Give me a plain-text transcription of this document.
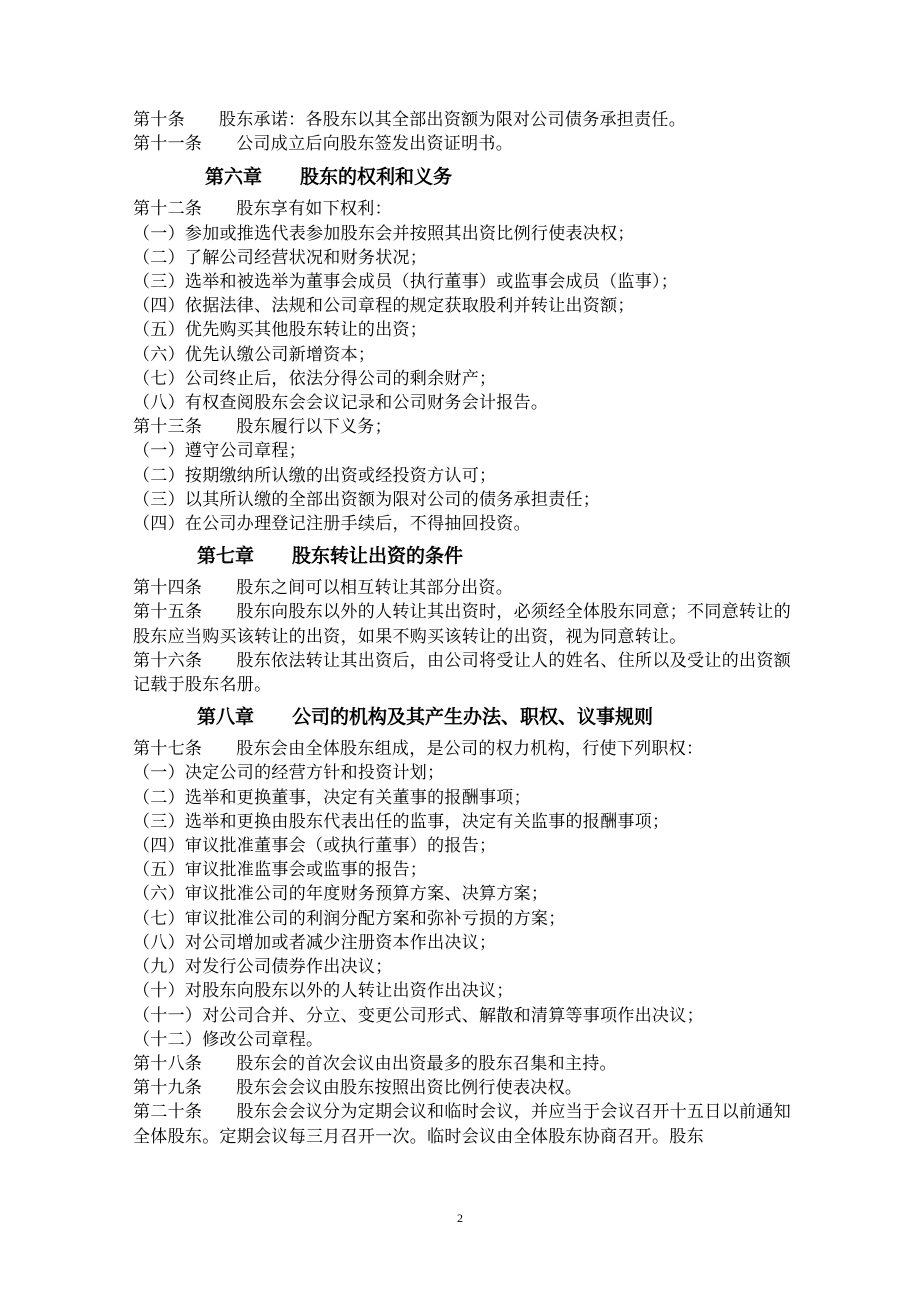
第十条 股东承诺：各股东以其全部出资额为限对公司债务承担责任。
第十一条 公司成立后向股东签发出资证明书。
第六章 股东的权利和义务
第十二条 股东享有如下权利：
（一）参加或推选代表参加股东会并按照其出资比例行使表决权；
（二）了解公司经营状况和财务状况；
（三）选举和被选举为董事会成员（执行董事）或监事会成员（监事）；
（四）依据法律、法规和公司章程的规定获取股利并转让出资额；
（五）优先购买其他股东转让的出资；
（六）优先认缴公司新增资本；
（七）公司终止后，依法分得公司的剩余财产；
（八）有权查阅股东会会议记录和公司财务会计报告。
第十三条 股东履行以下义务；
（一）遵守公司章程；
（二）按期缴纳所认缴的出资或经投资方认可；
（三）以其所认缴的全部出资额为限对公司的债务承担责任；
（四）在公司办理登记注册手续后，不得抽回投资。
第七章 股东转让出资的条件
第十四条 股东之间可以相互转让其部分出资。
第十五条 股东向股东以外的人转让其出资时，必须经全体股东同意；不同意转让的股东应当购买该转让的出资，如果不购买该转让的出资，视为同意转让。
第十六条 股东依法转让其出资后，由公司将受让人的姓名、住所以及受让的出资额记载于股东名册。
第八章 公司的机构及其产生办法、职权、议事规则
第十七条 股东会由全体股东组成，是公司的权力机构，行使下列职权：
（一）决定公司的经营方针和投资计划；
（二）选举和更换董事，决定有关董事的报酬事项；
（三）选举和更换由股东代表出任的监事，决定有关监事的报酬事项；
（四）审议批准董事会（或执行董事）的报告；
（五）审议批准监事会或监事的报告；
（六）审议批准公司的年度财务预算方案、决算方案；
（七）审议批准公司的利润分配方案和弥补亏损的方案；
（八）对公司增加或者减少注册资本作出决议；
（九）对发行公司债券作出决议；
（十）对股东向股东以外的人转让出资作出决议；
（十一）对公司合并、分立、变更公司形式、解散和清算等事项作出决议；
（十二）修改公司章程。
第十八条 股东会的首次会议由出资最多的股东召集和主持。
第十九条 股东会会议由股东按照出资比例行使表决权。
第二十条 股东会会议分为定期会议和临时会议，并应当于会议召开十五日以前通知全体股东。定期会议每三月召开一次。临时会议由全体股东协商召开。股东
2
